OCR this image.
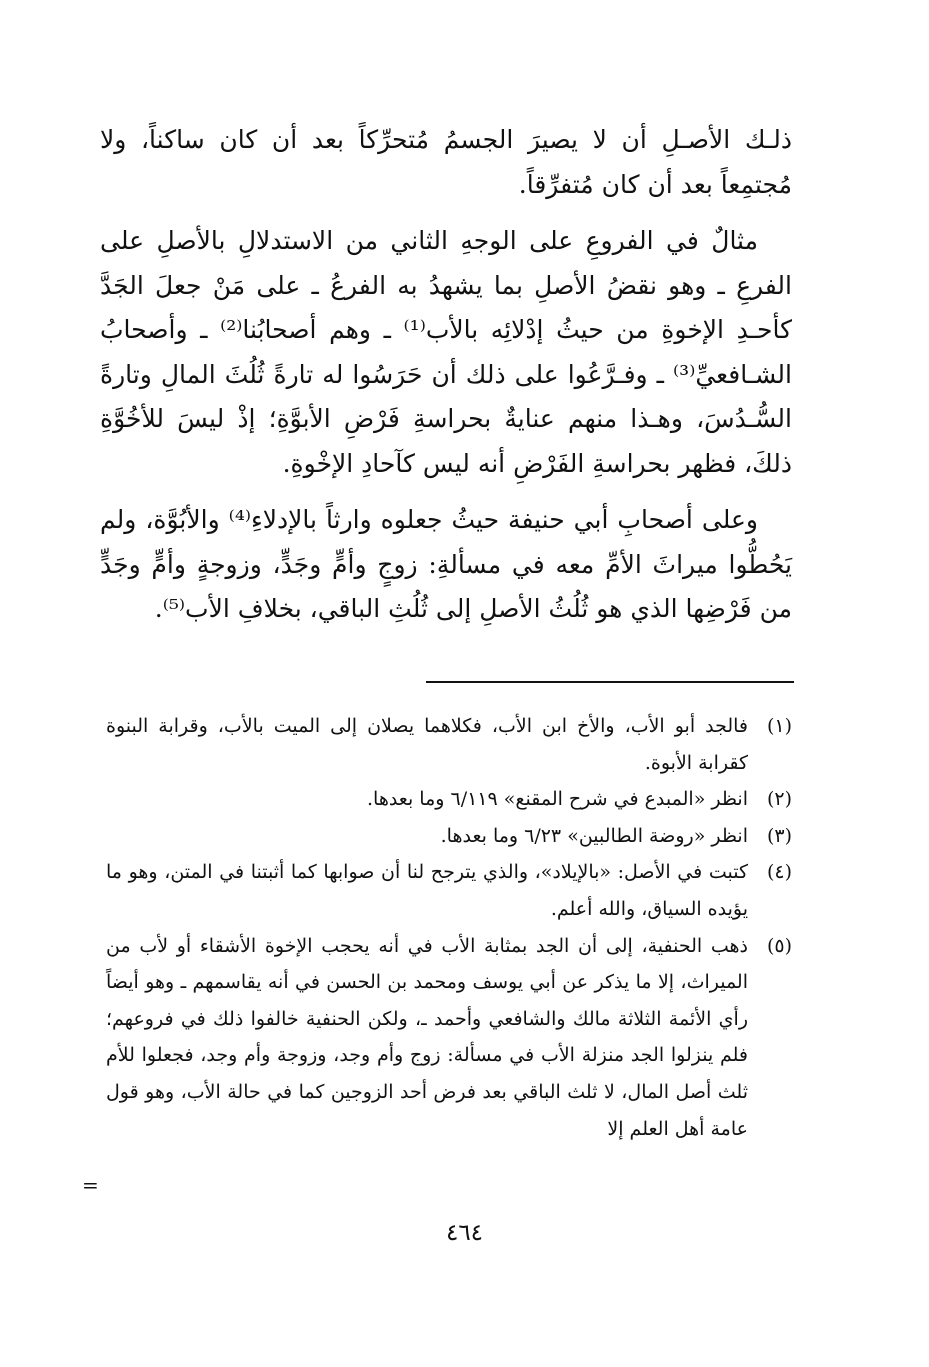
ذلـك الأصـلِ أن لا يصيرَ الجسمُ مُتحرِّكاً بعد أن كان ساكناً، ولا مُجتمِعاً بعد أن كان مُتفرِّقاً.

مثالٌ في الفروعِ على الوجهِ الثاني من الاستدلالِ بالأصلِ على الفرعِ ـ وهو نقضُ الأصلِ بما يشهدُ به الفرعُ ـ على مَنْ جعلَ الجَدَّ كأحـدِ الإخوةِ من حيثُ إدْلائِه بالأب⁽¹⁾ ـ وهم أصحابُنا⁽²⁾ ـ وأصحابُ الشـافعيِّ⁽³⁾ ـ وفـرَّعُوا على ذلك أن حَرَسُوا له تارةً ثُلُثَ المالِ وتارةً السُّـدُسَ، وهـذا منهم عنايةٌ بحراسةِ فَرْضِ الأبوَّةِ؛ إذْ ليسَ للأخُوَّةِ ذلكَ، فظهر بحراسةِ الفَرْضِ أنه ليس كآحادِ الإخْوةِ.

وعلى أصحابِ أبي حنيفة حيثُ جعلوه وارثاً بالإدلاءِ⁽⁴⁾ والأبُوَّة، ولم يَحُطُّوا ميراثَ الأمِّ معه في مسألةِ: زوجٍ وأمٍّ وجَدٍّ، وزوجةٍ وأمٍّ وجَدٍّ من فَرْضِها الذي هو ثُلُثُ الأصلِ إلى ثُلُثِ الباقي، بخلافِ الأب⁽⁵⁾.

(١)
فالجد أبو الأب، والأخ ابن الأب، فكلاهما يصلان إلى الميت بالأب، وقرابة البنوة كقرابة الأبوة.
(٢)
انظر «المبدع في شرح المقنع» ٦/١١٩ وما بعدها.
(٣)
انظر «روضة الطالبين» ٦/٢٣ وما بعدها.
(٤)
كتبت في الأصل: «بالإيلاد»، والذي يترجح لنا أن صوابها كما أثبتنا في المتن، وهو ما يؤيده السياق، والله أعلم.
(٥)
ذهب الحنفية، إلى أن الجد بمثابة الأب في أنه يحجب الإخوة الأشقاء أو لأب من الميراث، إلا ما يذكر عن أبي يوسف ومحمد بن الحسن في أنه يقاسمهم ـ وهو أيضاً رأي الأئمة الثلاثة مالك والشافعي وأحمد ـ، ولكن الحنفية خالفوا ذلك في فروعهم؛ فلم ينزلوا الجد منزلة الأب في مسألة: زوج وأم وجد، وزوجة وأم وجد، فجعلوا للأم ثلث أصل المال، لا ثلث الباقي بعد فرض أحد الزوجين كما في حالة الأب، وهو قول عامة أهل العلم إلا
=
٤٦٤
